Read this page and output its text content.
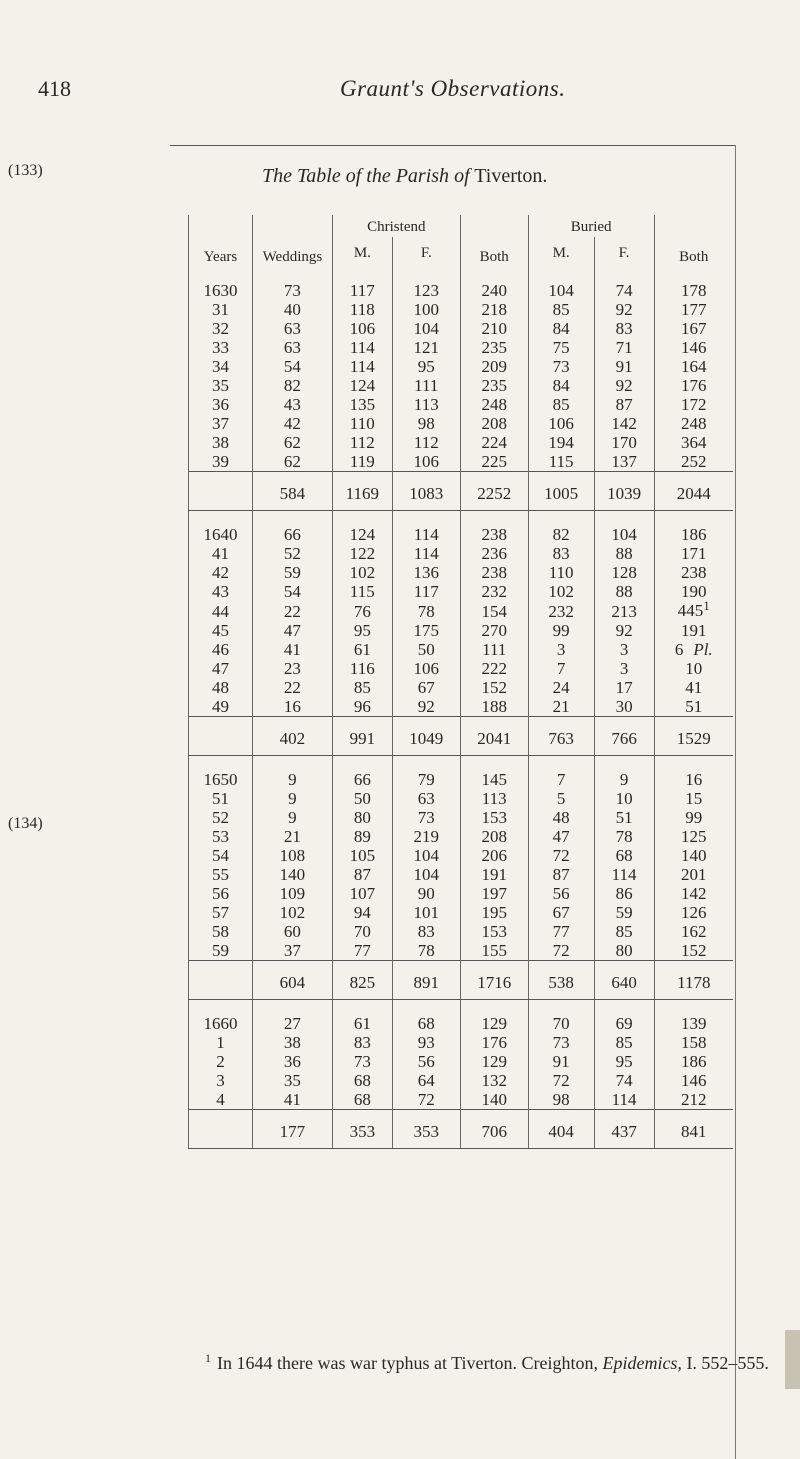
418	Graunt's Observations.
(133)
(134)
The Table of the Parish of Tiverton.
Years	Weddings	Christend		Both	Buried		Both
		M.	F.		M.	F.	
1630	73	117	123	240	104	74	178
31	40	118	100	218	85	92	177
32	63	106	104	210	84	83	167
33	63	114	121	235	75	71	146
34	54	114	95	209	73	91	164
35	82	124	111	235	84	92	176
36	43	135	113	248	85	87	172
37	42	110	98	208	106	142	248
38	62	112	112	224	194	170	364
39	62	119	106	225	115	137	252
	584	1169	1083	2252	1005	1039	2044
1640	66	124	114	238	82	104	186
41	52	122	114	236	83	88	171
42	59	102	136	238	110	128	238
43	54	115	117	232	102	88	190
44	22	76	78	154	232	213	445$^1$
45	47	95	175	270	99	92	191
46	41	61	50	111	3	3	6 Pl.
47	23	116	106	222	7	3	10
48	22	85	67	152	24	17	41
49	16	96	92	188	21	30	51
	402	991	1049	2041	763	766	1529
1650	9	66	79	145	7	9	16
51	9	50	63	113	5	10	15
52	9	80	73	153	48	51	99
53	21	89	219	208	47	78	125
54	108	105	104	206	72	68	140
55	140	87	104	191	87	114	201
56	109	107	90	197	56	86	142
57	102	94	101	195	67	59	126
58	60	70	83	153	77	85	162
59	37	77	78	155	72	80	152
	604	825	891	1716	538	640	1178
1660	27	61	68	129	70	69	139
1	38	83	93	176	73	85	158
2	36	73	56	129	91	95	186
3	35	68	64	132	72	74	146
4	41	68	72	140	98	114	212
	177	353	353	706	404	437	841
$^1$ In 1644 there was war typhus at Tiverton. Creighton, Epidemics, I. 552–555.
